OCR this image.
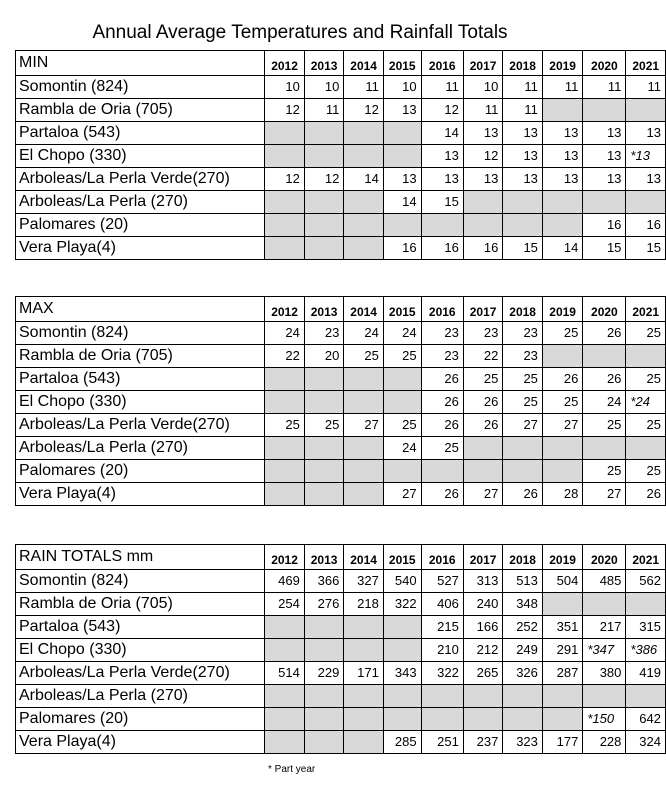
Annual Average Temperatures and Rainfall Totals
MIN	2012	2013	2014	2015	2016	2017	2018	2019	2020	2021
Somontin (824)	10	10	11	10	11	10	11	11	11	11
Rambla de Oria (705)	12	11	12	13	12	11	11			
Partaloa (543)					14	13	13	13	13	13
El Chopo (330)					13	12	13	13	13	*13
Arboleas/La Perla Verde(270)	12	12	14	13	13	13	13	13	13	13
Arboleas/La Perla (270)				14	15					
Palomares (20)									16	16
Vera Playa(4)				16	16	16	15	14	15	15
MAX	2012	2013	2014	2015	2016	2017	2018	2019	2020	2021
Somontin (824)	24	23	24	24	23	23	23	25	26	25
Rambla de Oria (705)	22	20	25	25	23	22	23			
Partaloa (543)					26	25	25	26	26	25
El Chopo (330)					26	26	25	25	24	*24
Arboleas/La Perla Verde(270)	25	25	27	25	26	26	27	27	25	25
Arboleas/La Perla (270)				24	25					
Palomares (20)									25	25
Vera Playa(4)				27	26	27	26	28	27	26
RAIN TOTALS mm	2012	2013	2014	2015	2016	2017	2018	2019	2020	2021
Somontin (824)	469	366	327	540	527	313	513	504	485	562
Rambla de Oria (705)	254	276	218	322	406	240	348			
Partaloa (543)					215	166	252	351	217	315
El Chopo (330)					210	212	249	291	*347	*386
Arboleas/La Perla Verde(270)	514	229	171	343	322	265	326	287	380	419
Arboleas/La Perla (270)										
Palomares (20)									*150	642
Vera Playa(4)				285	251	237	323	177	228	324
* Part year
